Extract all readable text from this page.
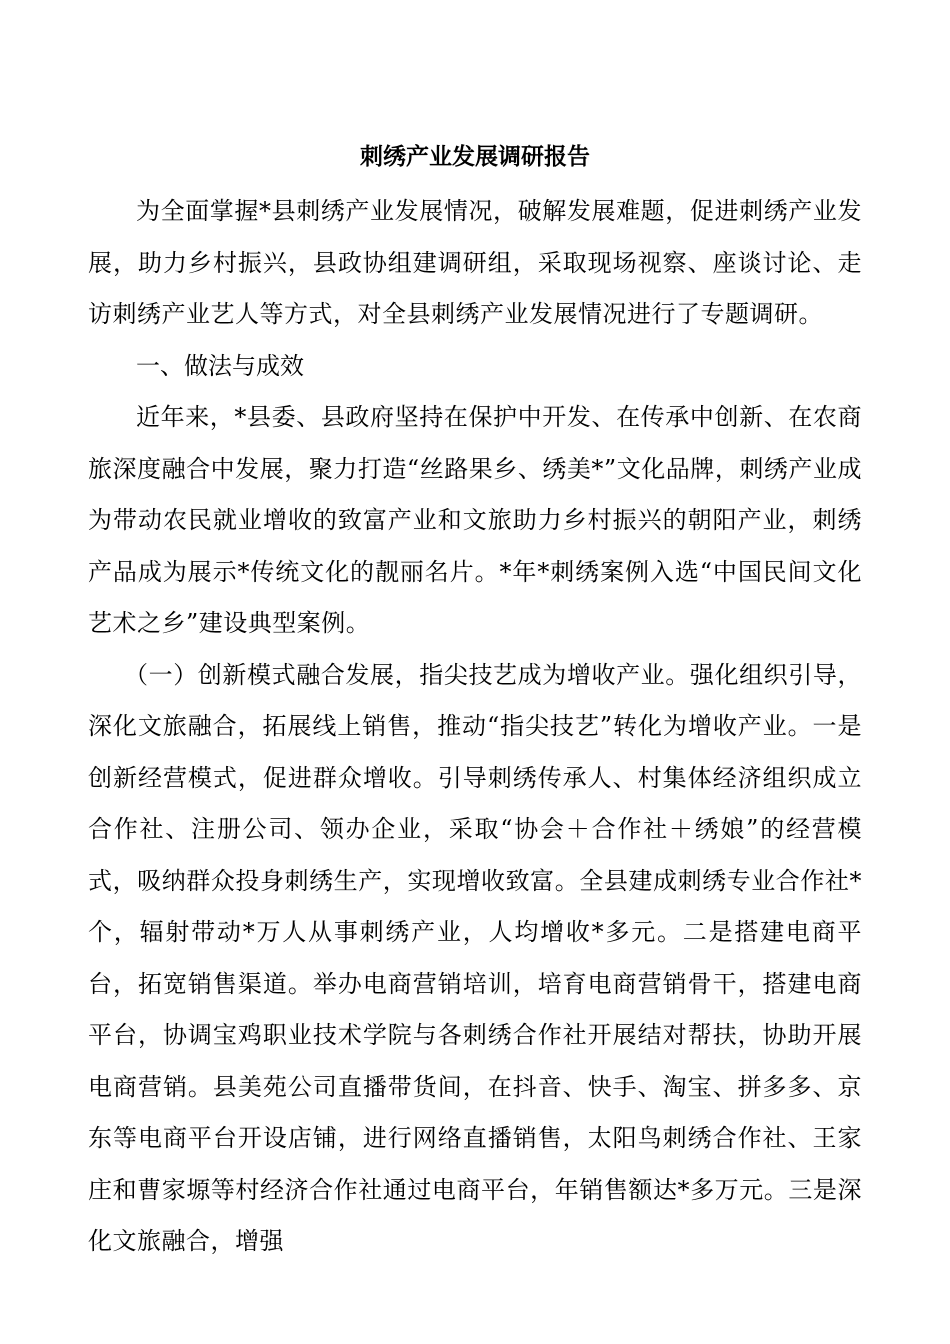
刺绣产业发展调研报告

为全面掌握*县刺绣产业发展情况，破解发展难题，促进刺绣产业发展，助力乡村振兴，县政协组建调研组，采取现场视察、座谈讨论、走访刺绣产业艺人等方式，对全县刺绣产业发展情况进行了专题调研。

一、做法与成效

近年来，*县委、县政府坚持在保护中开发、在传承中创新、在农商旅深度融合中发展，聚力打造“丝路果乡、绣美*”文化品牌，刺绣产业成为带动农民就业增收的致富产业和文旅助力乡村振兴的朝阳产业，刺绣产品成为展示*传统文化的靓丽名片。*年*刺绣案例入选“中国民间文化艺术之乡”建设典型案例。

（一）创新模式融合发展，指尖技艺成为增收产业。强化组织引导，深化文旅融合，拓展线上销售，推动“指尖技艺”转化为增收产业。一是创新经营模式，促进群众增收。引导刺绣传承人、村集体经济组织成立合作社、注册公司、领办企业，采取“协会＋合作社＋绣娘”的经营模式，吸纳群众投身刺绣生产，实现增收致富。全县建成刺绣专业合作社*个，辐射带动*万人从事刺绣产业，人均增收*多元。二是搭建电商平台，拓宽销售渠道。举办电商营销培训，培育电商营销骨干，搭建电商平台，协调宝鸡职业技术学院与各刺绣合作社开展结对帮扶，协助开展电商营销。县美苑公司直播带货间，在抖音、快手、淘宝、拼多多、京东等电商平台开设店铺，进行网络直播销售，太阳鸟刺绣合作社、王家庄和曹家塬等村经济合作社通过电商平台，年销售额达*多万元。三是深化文旅融合，增强
